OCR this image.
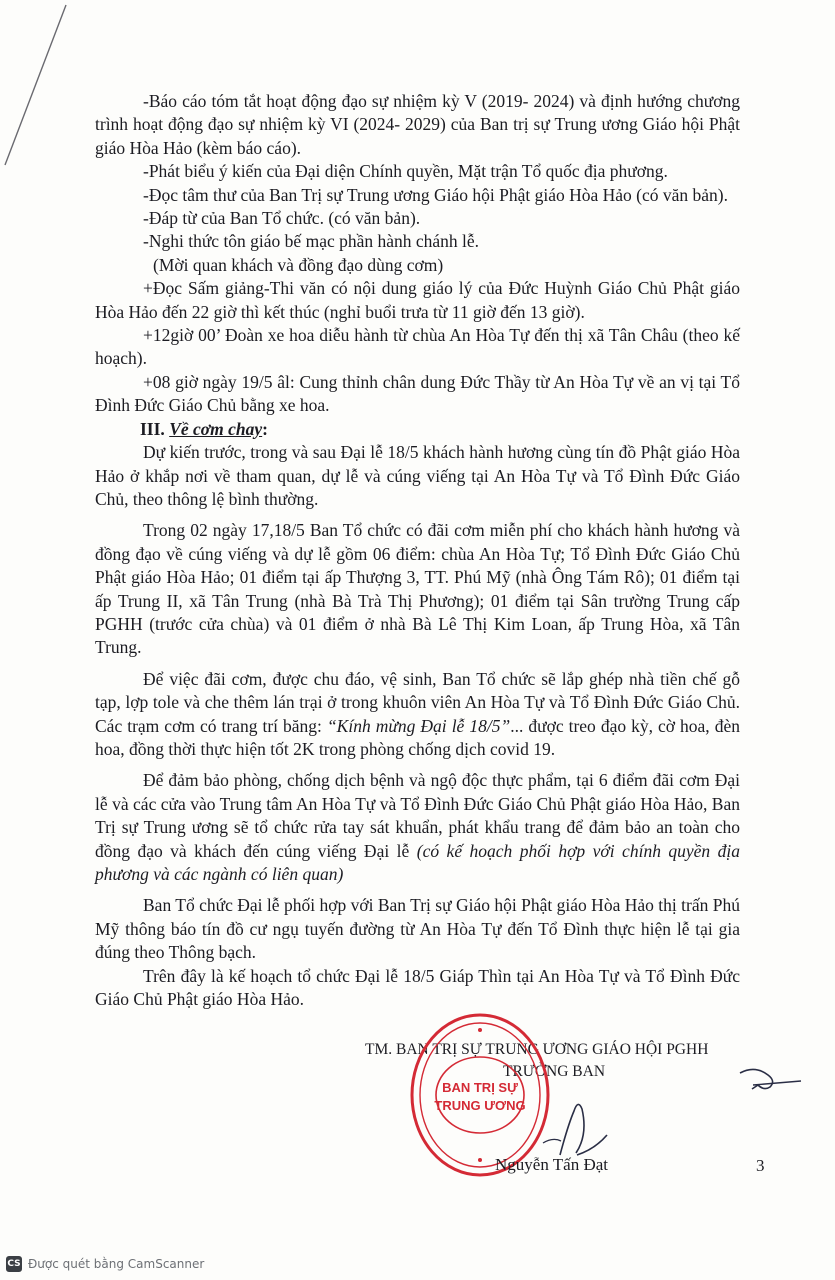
-Báo cáo tóm tắt hoạt động đạo sự nhiệm kỳ V (2019- 2024) và định hướng chương trình hoạt động đạo sự nhiệm kỳ VI (2024- 2029) của Ban trị sự Trung ương Giáo hội Phật giáo Hòa Hảo (kèm báo cáo).

-Phát biểu ý kiến của Đại diện Chính quyền, Mặt trận Tổ quốc địa phương.

-Đọc tâm thư của Ban Trị sự Trung ương Giáo hội Phật giáo Hòa Hảo (có văn bản).

-Đáp từ của Ban Tổ chức. (có văn bản).

-Nghi thức tôn giáo bế mạc phần hành chánh lễ.

(Mời quan khách và đồng đạo dùng cơm)

+Đọc Sấm giảng-Thi văn có nội dung giáo lý của Đức Huỳnh Giáo Chủ Phật giáo Hòa Hảo đến 22 giờ thì kết thúc (nghỉ buổi trưa từ 11 giờ đến 13 giờ).

+12giờ 00’ Đoàn xe hoa diễu hành từ chùa An Hòa Tự đến thị xã Tân Châu (theo kế hoạch).

+08 giờ ngày 19/5 âl: Cung thỉnh chân dung Đức Thầy từ An Hòa Tự về an vị tại Tổ Đình Đức Giáo Chủ bằng xe hoa.

III. Về cơm chay:

Dự kiến trước, trong và sau Đại lễ 18/5 khách hành hương cùng tín đồ Phật giáo Hòa Hảo ở khắp nơi về tham quan, dự lễ và cúng viếng tại An Hòa Tự và Tổ Đình Đức Giáo Chủ, theo thông lệ bình thường.

Trong 02 ngày 17,18/5 Ban Tổ chức có đãi cơm miễn phí cho khách hành hương và đồng đạo về cúng viếng và dự lễ gồm 06 điểm: chùa An Hòa Tự; Tổ Đình Đức Giáo Chủ Phật giáo Hòa Hảo; 01 điểm tại ấp Thượng 3, TT. Phú Mỹ (nhà Ông Tám Rô); 01 điểm tại ấp Trung II, xã Tân Trung (nhà Bà Trà Thị Phương); 01 điểm tại Sân trường Trung cấp PGHH (trước cửa chùa) và 01 điểm ở nhà Bà Lê Thị Kim Loan, ấp Trung Hòa, xã Tân Trung.

Để việc đãi cơm, được chu đáo, vệ sinh, Ban Tổ chức sẽ lắp ghép nhà tiền chế gỗ tạp, lợp tole và che thêm lán trại ở trong khuôn viên An Hòa Tự và Tổ Đình Đức Giáo Chủ. Các trạm cơm có trang trí băng: “Kính mừng Đại lễ 18/5”... được treo đạo kỳ, cờ hoa, đèn hoa, đồng thời thực hiện tốt 2K trong phòng chống dịch covid 19.

Để đảm bảo phòng, chống dịch bệnh và ngộ độc thực phẩm, tại 6 điểm đãi cơm Đại lễ và các cửa vào Trung tâm An Hòa Tự và Tổ Đình Đức Giáo Chủ Phật giáo Hòa Hảo, Ban Trị sự Trung ương sẽ tổ chức rửa tay sát khuẩn, phát khẩu trang để đảm bảo an toàn cho đồng đạo và khách đến cúng viếng Đại lễ (có kế hoạch phối hợp với chính quyền địa phương và các ngành có liên quan)

Ban Tổ chức Đại lễ phối hợp với Ban Trị sự Giáo hội Phật giáo Hòa Hảo thị trấn Phú Mỹ thông báo tín đồ cư ngụ tuyến đường từ An Hòa Tự đến Tổ Đình thực hiện lễ tại gia đúng theo Thông bạch.

Trên đây là kế hoạch tổ chức Đại lễ 18/5 Giáp Thìn tại An Hòa Tự và Tổ Đình Đức Giáo Chủ Phật giáo Hòa Hảo.

TM. BAN TRỊ SỰ TRUNG ƯƠNG GIÁO HỘI PGHH
TRƯỞNG BAN
BAN TRỊ SỰ
TRUNG ƯƠNG
Nguyễn Tấn Đạt	3
CS Được quét bằng CamScanner
